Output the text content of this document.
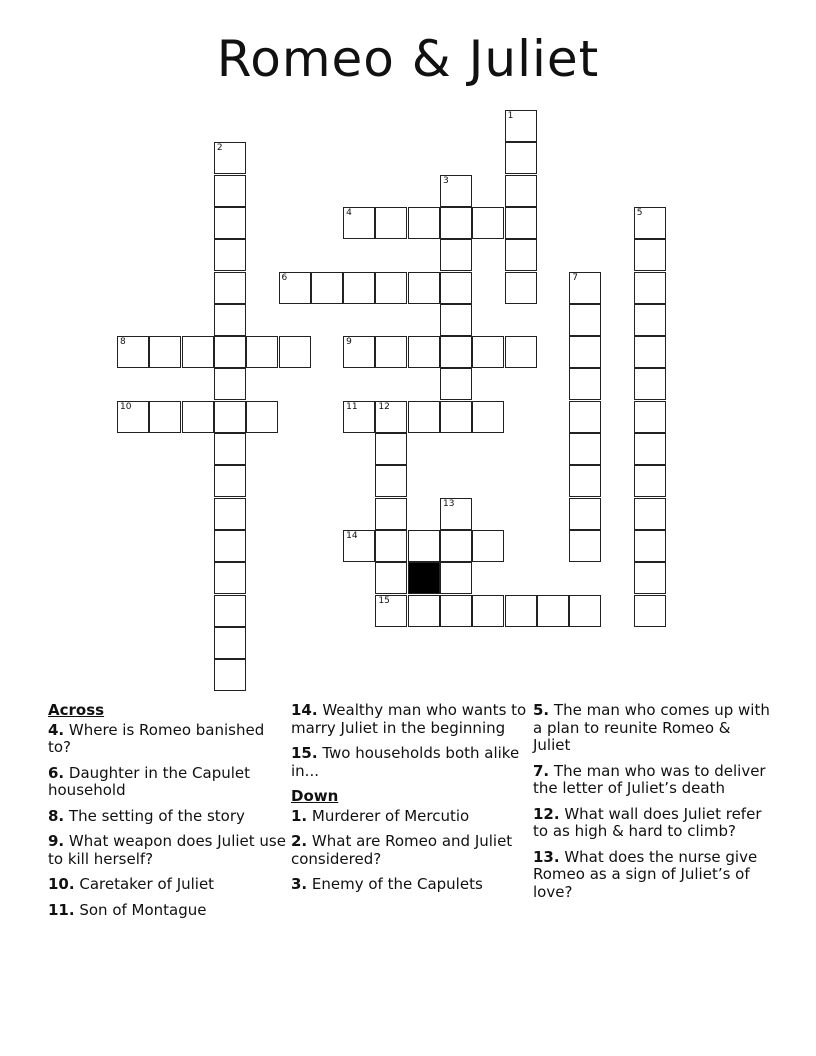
Romeo & Juliet
1
2
3
4	5
6	7
8	9
10	11 12
13
14
15
Across
4. Where is Romeo banished to?
6. Daughter in the Capulet household
8. The setting of the story
9. What weapon does Juliet use to kill herself?
10. Caretaker of Juliet
11. Son of Montague
14. Wealthy man who wants to marry Juliet in the beginning
15. Two households both alike in...
Down
1. Murderer of Mercutio
2. What are Romeo and Juliet considered?
3. Enemy of the Capulets
5. The man who comes up with a plan to reunite Romeo & Juliet
7. The man who was to deliver the letter of Juliet’s death
12. What wall does Juliet refer to as high & hard to climb?
13. What does the nurse give Romeo as a sign of Juliet’s of love?
